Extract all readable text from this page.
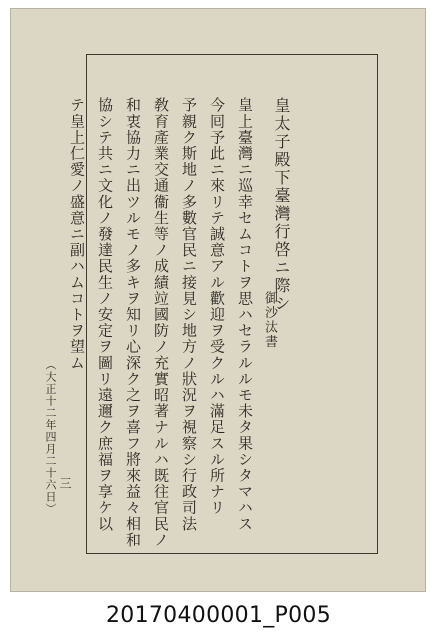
皇太子殿下臺灣行啓ニ際シ
御沙汰書
皇上臺灣ニ巡幸セムコトヲ思ハセラルルモ未タ果シタマハス
今囘予此ニ來リテ誠意アル歡迎ヲ受クルハ滿足スル所ナリ
予親ク斯地ノ多數官民ニ接見シ地方ノ狀況ヲ視察シ行政司法
敎育產業交通衞生等ノ成績竝國防ノ充實昭著ナルハ既往官民ノ
和衷協力ニ出ツルモノ多キヲ知リ心深ク之ヲ喜フ將來益々相和
協シテ共ニ文化ノ發達民生ノ安定ヲ圖リ遠邇ク庶福ヲ享ケ以
テ皇上仁愛ノ盛意ニ副ハムコトヲ望ム
（大正十二年四月二十六日） 三
20170400001_P005
